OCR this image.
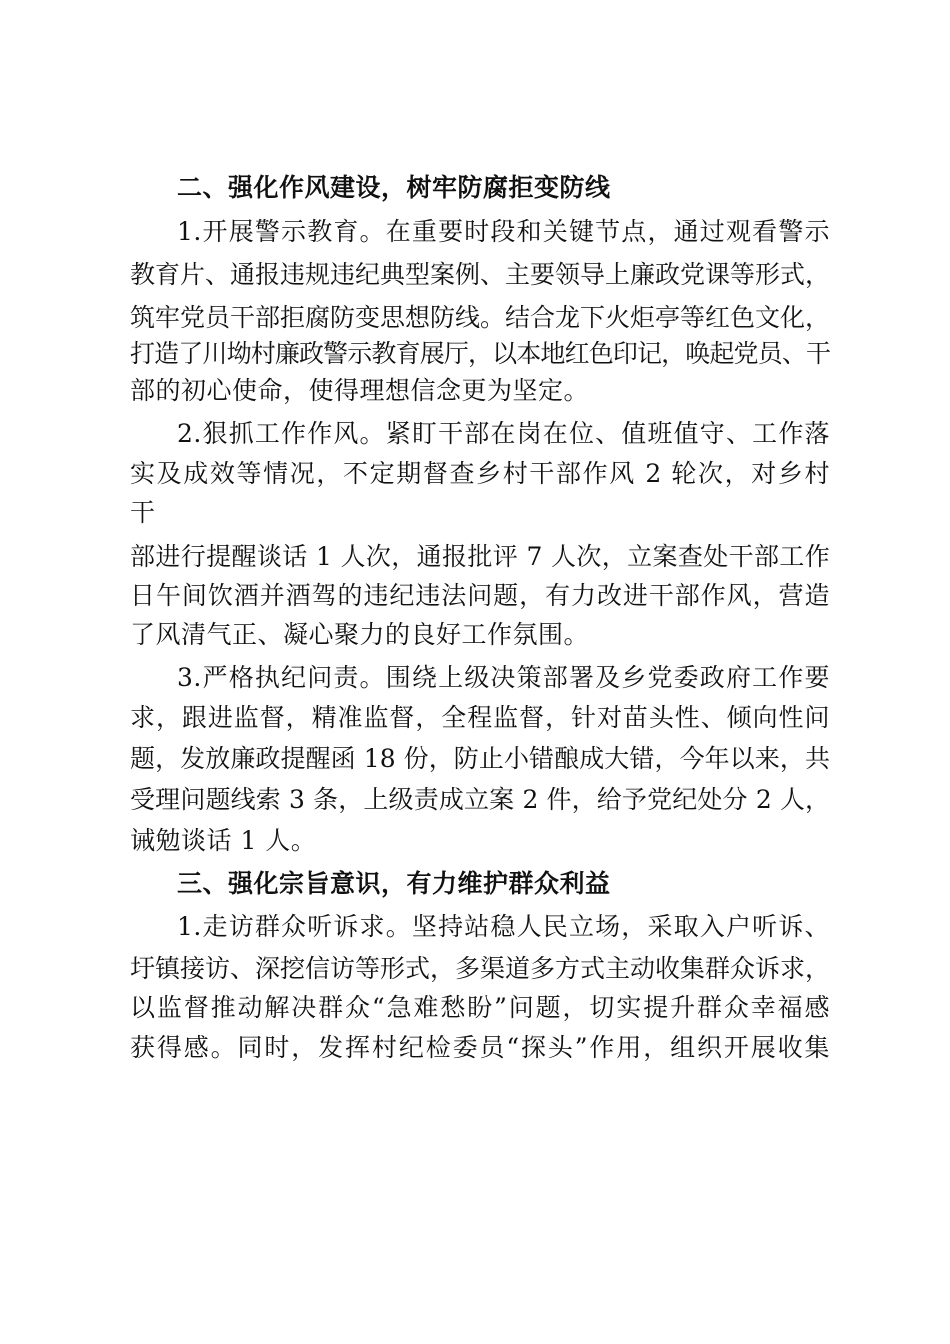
二、强化作风建设，树牢防腐拒变防线
1.开展警示教育。在重要时段和关键节点，通过观看警示
教育片、通报违规违纪典型案例、主要领导上廉政党课等形式，
筑牢党员干部拒腐防变思想防线。结合龙下火炬亭等红色文化，
打造了川坳村廉政警示教育展厅，以本地红色印记，唤起党员、干
部的初心使命，使得理想信念更为坚定。
2.狠抓工作作风。紧盯干部在岗在位、值班值守、工作落
实及成效等情况，不定期督查乡村干部作风 2 轮次，对乡村
干
部进行提醒谈话 1 人次，通报批评 7 人次，立案查处干部工作
日午间饮酒并酒驾的违纪违法问题，有力改进干部作风，营造
了风清气正、凝心聚力的良好工作氛围。
3.严格执纪问责。围绕上级决策部署及乡党委政府工作要
求，跟进监督，精准监督，全程监督，针对苗头性、倾向性问
题，发放廉政提醒函 18 份，防止小错酿成大错，今年以来，共
受理问题线索 3 条，上级责成立案 2 件，给予党纪处分 2 人，
诫勉谈话 1 人。
三、强化宗旨意识，有力维护群众利益
1.走访群众听诉求。坚持站稳人民立场，采取入户听诉、
圩镇接访、深挖信访等形式，多渠道多方式主动收集群众诉求，
以监督推动解决群众“急难愁盼”问题，切实提升群众幸福感
获得感。同时，发挥村纪检委员“探头”作用，组织开展收集
